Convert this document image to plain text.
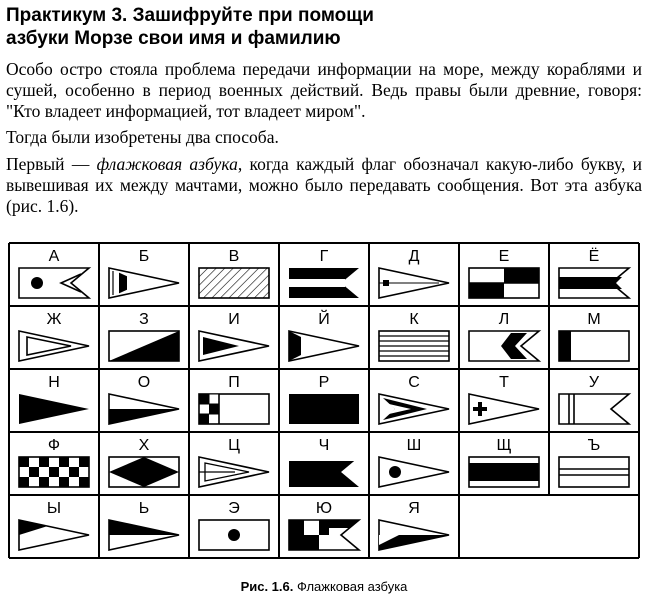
Практикум 3. Зашифруйте при помощи
азбуки Морзе свои имя и фамилию

Особо остро стояла проблема передачи информации на море, между кораблями и сушей, особенно в период военных действий. Ведь правы были древние, говоря: "Кто владеет информацией, тот владеет миром".

Тогда были изобретены два способа.

Первый — флажковая азбука, когда каждый флаг обозначал какую-либо букву, и вывешивая их между мачтами, можно было передавать сообщения. Вот эта азбука (рис. 1.6).

А	Б	В	Г	Д	Е	Ё
Ж	З	И	Й	К	Л	М
Н	О	П	Р	С	Т	У
Ф	Х	Ц	Ч	Ш	Щ	Ъ
Ы	Ь	Э	Ю	Я
Рис. 1.6. Флажковая азбука
